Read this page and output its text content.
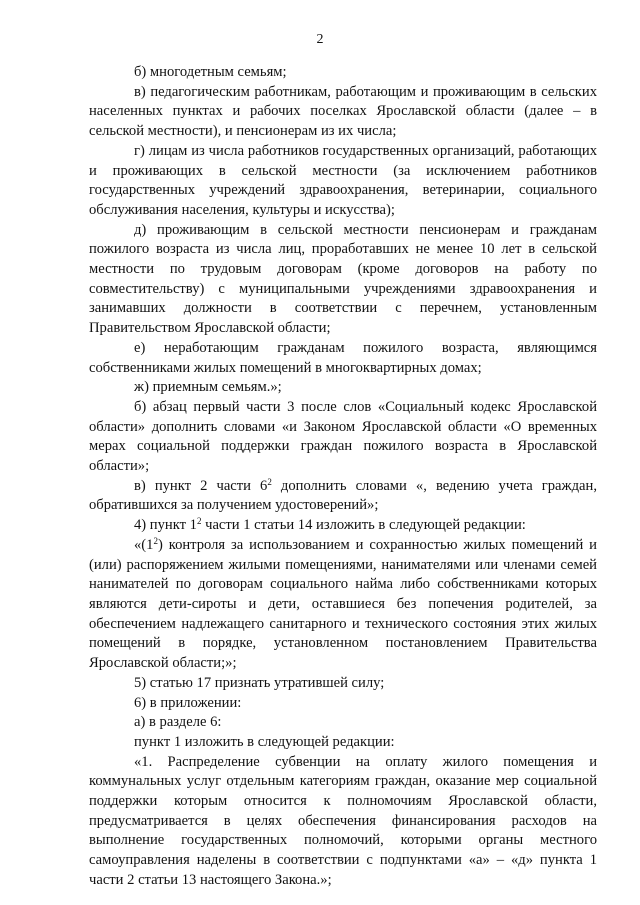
2

б) многодетным семьям;

в) педагогическим работникам, работающим и проживающим в сельских населенных пунктах и рабочих поселках Ярославской области (далее – в сельской местности), и пенсионерам из их числа;

г) лицам из числа работников государственных организаций, работающих и проживающих в сельской местности (за исключением работников государственных учреждений здравоохранения, ветеринарии, социального обслуживания населения, культуры и искусства);

д) проживающим в сельской местности пенсионерам и гражданам пожилого возраста из числа лиц, проработавших не менее 10 лет в сельской местности по трудовым договорам (кроме договоров на работу по совместительству) с муниципальными учреждениями здравоохранения и занимавших должности в соответствии с перечнем, установленным Правительством Ярославской области;

е) неработающим гражданам пожилого возраста, являющимся собственниками жилых помещений в многоквартирных домах;

ж) приемным семьям.»;

б) абзац первый части 3 после слов «Социальный кодекс Ярославской области» дополнить словами «и Законом Ярославской области «О временных мерах социальной поддержки граждан пожилого возраста в Ярославской области»;

в) пункт 2 части $6^2$ дополнить словами «, ведению учета граждан, обратившихся за получением удостоверений»;

4) пункт $1^2$ части 1 статьи 14 изложить в следующей редакции:

«$(1^2)$ контроля за использованием и сохранностью жилых помещений и (или) распоряжением жилыми помещениями, нанимателями или членами семей нанимателей по договорам социального найма либо собственниками которых являются дети-сироты и дети, оставшиеся без попечения родителей, за обеспечением надлежащего санитарного и технического состояния этих жилых помещений в порядке, установленном постановлением Правительства Ярославской области;»;

5) статью 17 признать утратившей силу;

6) в приложении:

а) в разделе 6:

пункт 1 изложить в следующей редакции:

«1. Распределение субвенции на оплату жилого помещения и коммунальных услуг отдельным категориям граждан, оказание мер социальной поддержки которым относится к полномочиям Ярославской области, предусматривается в целях обеспечения финансирования расходов на выполнение государственных полномочий, которыми органы местного самоуправления наделены в соответствии с подпунктами «а» – «д» пункта 1 части 2 статьи 13 настоящего Закона.»;
